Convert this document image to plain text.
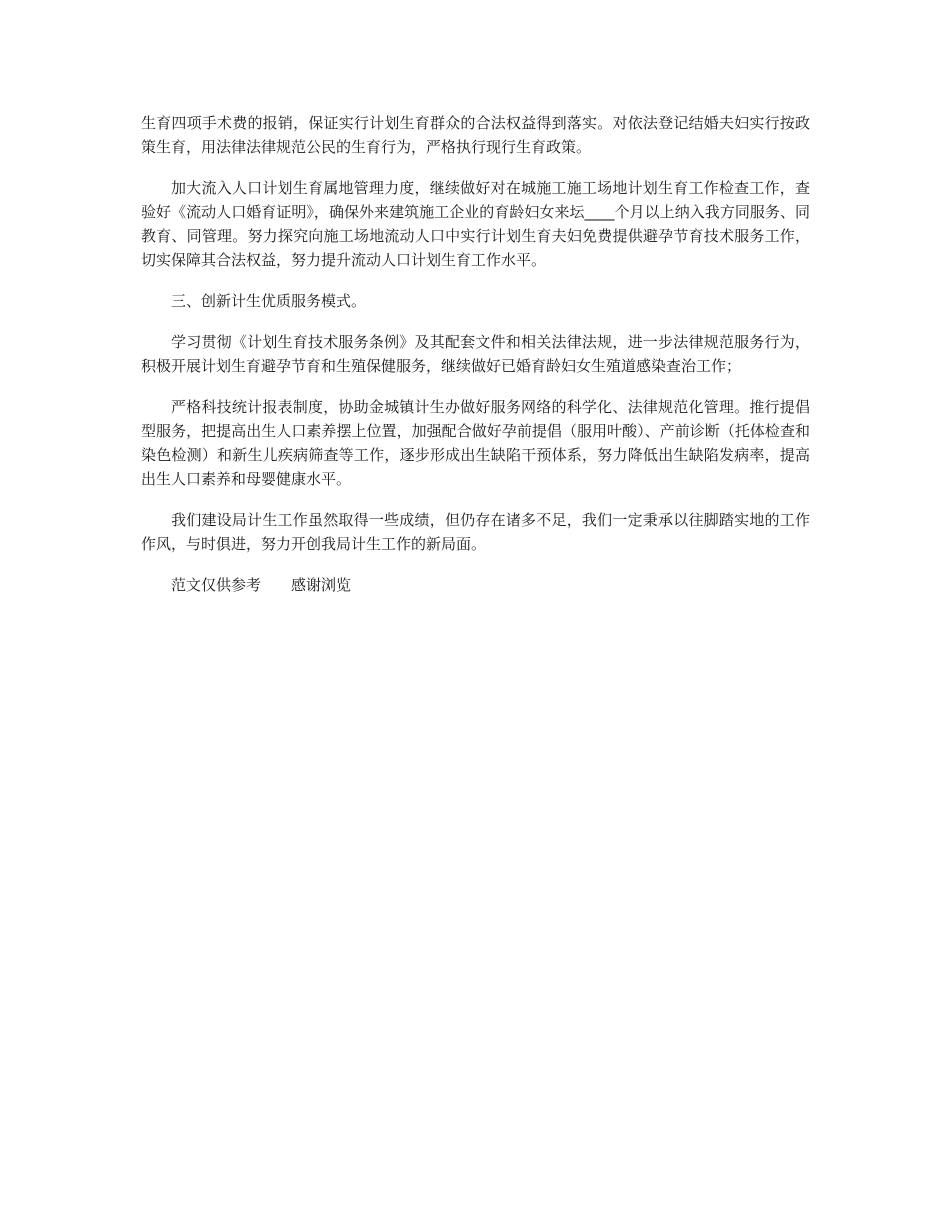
生育四项手术费的报销，保证实行计划生育群众的合法权益得到落实。对依法登记结婚夫妇实行按政策生育，用法律法律规范公民的生育行为，严格执行现行生育政策。

加大流入人口计划生育属地管理力度，继续做好对在城施工施工场地计划生育工作检查工作，查验好《流动人口婚育证明》，确保外来建筑施工企业的育龄妇女来坛____个月以上纳入我方同服务、同教育、同管理。努力探究向施工场地流动人口中实行计划生育夫妇免费提供避孕节育技术服务工作，切实保障其合法权益，努力提升流动人口计划生育工作水平。

三、创新计生优质服务模式。

学习贯彻《计划生育技术服务条例》及其配套文件和相关法律法规，进一步法律规范服务行为，积极开展计划生育避孕节育和生殖保健服务，继续做好已婚育龄妇女生殖道感染查治工作；

严格科技统计报表制度，协助金城镇计生办做好服务网络的科学化、法律规范化管理。推行提倡型服务，把提高出生人口素养摆上位置，加强配合做好孕前提倡（服用叶酸）、产前诊断（托体检查和染色检测）和新生儿疾病筛查等工作，逐步形成出生缺陷干预体系，努力降低出生缺陷发病率，提高出生人口素养和母婴健康水平。

我们建设局计生工作虽然取得一些成绩，但仍存在诸多不足，我们一定秉承以往脚踏实地的工作作风，与时俱进，努力开创我局计生工作的新局面。

范文仅供参考　　感谢浏览
